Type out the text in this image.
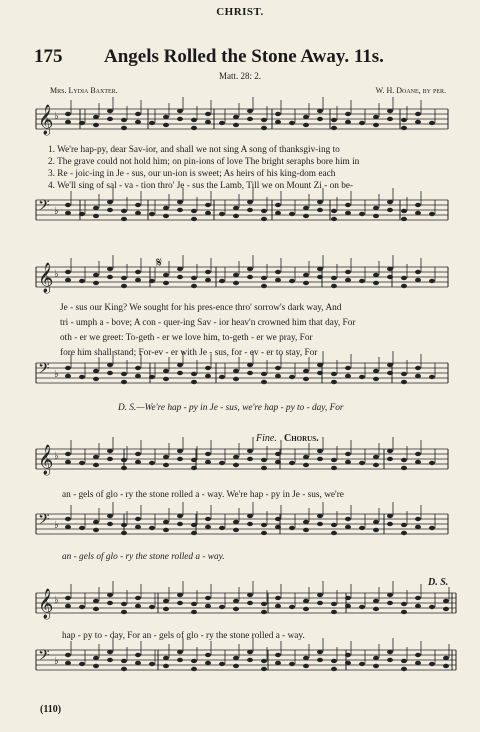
CHRIST.
175 Angels Rolled the Stone Away. 11s.
Matt. 28: 2.
Mrs. Lydia Baxter.	W. H. Doane, by per.
𝄞 ♭
𝄢 ♭
𝄞 ♭
𝄢 ♭
𝄞 ♭
𝄢 ♭
𝄞 ♭
𝄢 ♭
1. We're hap-py, dear Sav-ior, and shall we not sing A song of thanksgiv-ing to
2. The grave could not hold him; on pin-ions of love The bright seraphs bore him in
3. Re - joic-ing in Je - sus, our un-ion is sweet; As heirs of his king-dom each
4. We'll sing of sal - va - tion thro' Je - sus the Lamb, Till we on Mount Zi - on be-
Je - sus our King? We sought for his pres-ence thro' sorrow's dark way, And
tri - umph a - bove; A con - quer-ing Sav - ior heav'n crowned him that day, For
oth - er we greet: To-geth - er we love him, to-geth - er we pray, For
fore him shall stand; For-ev - er with Je - sus, for - ev - er to stay, For
D. S.—We're hap - py in Je - sus, we're hap - py to - day, For
Fine. Chorus.
an - gels of glo - ry the stone rolled a - way. We're hap - py in Je - sus, we're
an - gels of glo - ry the stone rolled a - way.
D. S.
hap - py to - day, For an - gels of glo - ry the stone rolled a - way.
𝄋
(110)
